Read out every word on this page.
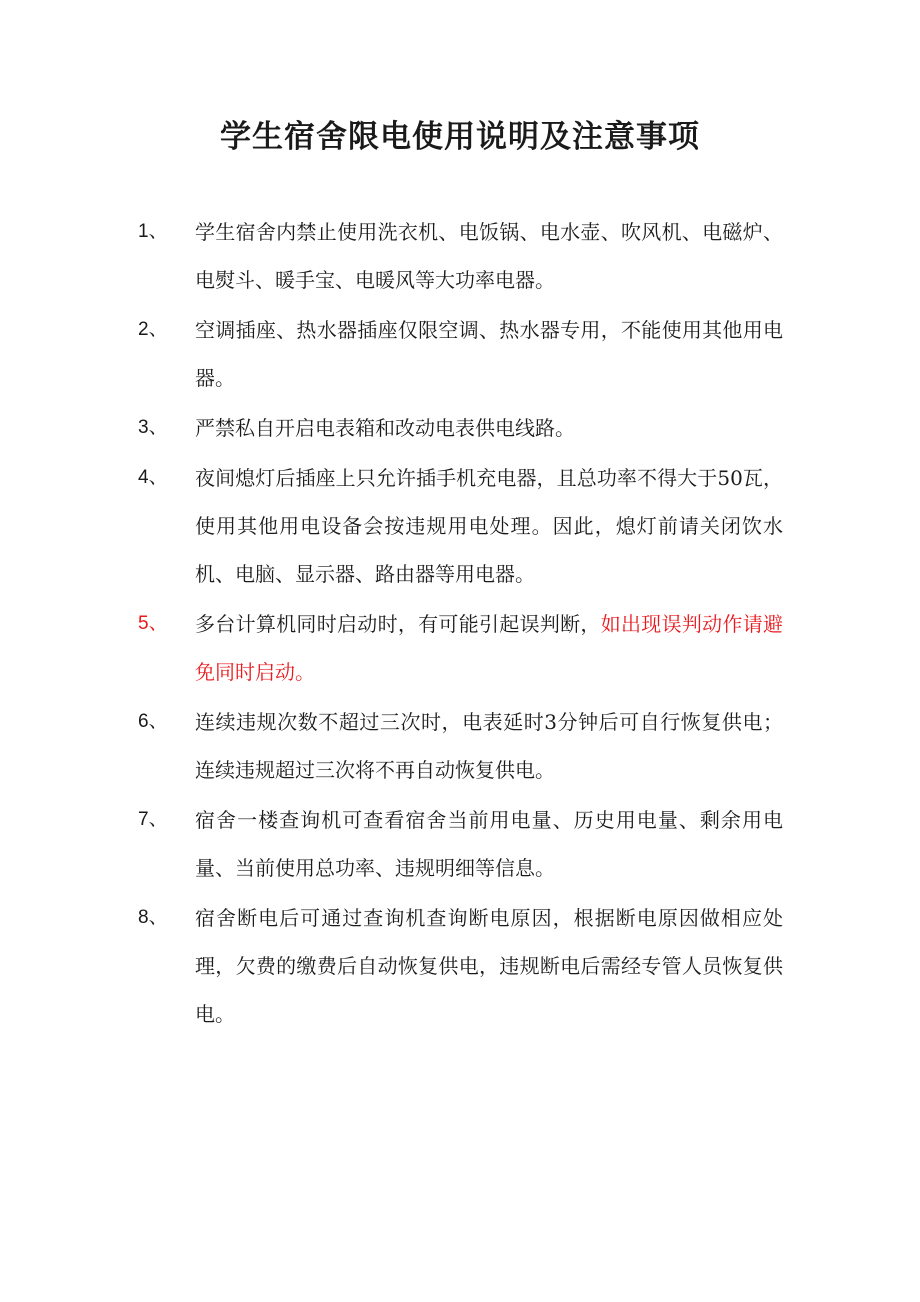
学生宿舍限电使用说明及注意事项
1、 学生宿舍内禁止使用洗衣机、电饭锅、电水壶、吹风机、电磁炉、电熨斗、暖手宝、电暖风等大功率电器。
2、 空调插座、热水器插座仅限空调、热水器专用，不能使用其他用电器。
3、 严禁私自开启电表箱和改动电表供电线路。
4、 夜间熄灯后插座上只允许插手机充电器，且总功率不得大于50瓦，使用其他用电设备会按违规用电处理。因此，熄灯前请关闭饮水机、电脑、显示器、路由器等用电器。
5、 多台计算机同时启动时，有可能引起误判断，如出现误判动作请避免同时启动。
6、 连续违规次数不超过三次时，电表延时3分钟后可自行恢复供电；连续违规超过三次将不再自动恢复供电。
7、 宿舍一楼查询机可查看宿舍当前用电量、历史用电量、剩余用电量、当前使用总功率、违规明细等信息。
8、 宿舍断电后可通过查询机查询断电原因，根据断电原因做相应处理，欠费的缴费后自动恢复供电，违规断电后需经专管人员恢复供电。
